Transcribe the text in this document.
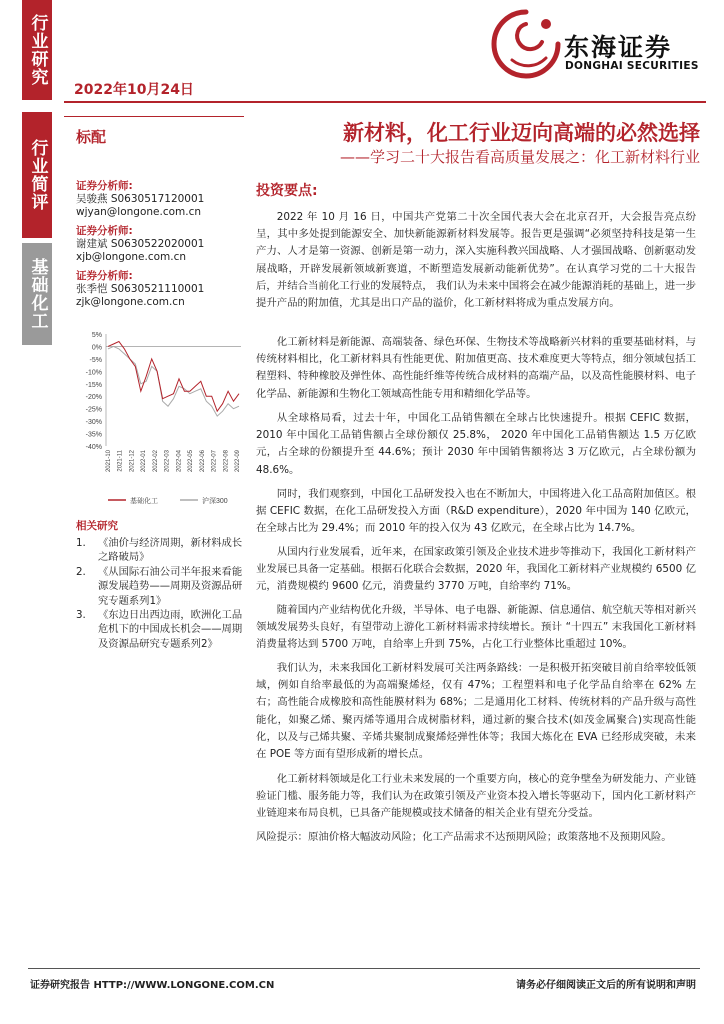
行业研究
行业简评
基础化工
东海证券
DONGHAI SECURITIES
2022年10月24日
标配	新材料，化工行业迈向高端的必然选择
——学习二十大报告看高质量发展之：化工新材料行业
证券分析师:
吴骏燕 S0630517120001
wjyan@longone.com.cn
证券分析师:
谢建斌 S0630522020001
xjb@longone.com.cn
证券分析师:
张季恺 S0630521110001
zjk@longone.com.cn
5%
0%
-5%
-10%
-15%
-20%
-25%
-30%
-35%
-40%
2021-10 2021-11 2021-12 2022-01 2022-02 2022-03 2022-04 2022-05 2022-06 2022-07 2022-08 2022-09
基础化工	沪深300
相关研究
1.	《油价与经济周期，新材料成长之路破局》
2.	《从国际石油公司半年报来看能源发展趋势——周期及资源品研究专题系列1》
3.	《东边日出西边雨，欧洲化工品危机下的中国成长机会——周期及资源品研究专题系列2》
投资要点:

2022 年 10 月 16 日，中国共产党第二十次全国代表大会在北京召开，大会报告亮点纷呈，其中多处提到能源安全、加快新能源新材料发展等。报告更是强调“必须坚持科技是第一生产力、人才是第一资源、创新是第一动力，深入实施科教兴国战略、人才强国战略、创新驱动发展战略，开辟发展新领域新赛道，不断塑造发展新动能新优势”。在认真学习党的二十大报告后，并结合当前化工行业的发展特点， 我们认为未来中国将会在减少能源消耗的基础上，进一步提升产品的附加值，尤其是出口产品的溢价，化工新材料将成为重点发展方向。

化工新材料是新能源、高端装备、绿色环保、生物技术等战略新兴材料的重要基础材料，与传统材料相比，化工新材料具有性能更优、附加值更高、技术难度更大等特点，细分领域包括工程塑料、特种橡胶及弹性体、高性能纤维等传统合成材料的高端产品，以及高性能膜材料、电子化学品、新能源和生物化工领域高性能专用和精细化学品等。

从全球格局看，过去十年，中国化工品销售额在全球占比快速提升。根据 CEFIC 数据，2010 年中国化工品销售额占全球份额仅 25.8%， 2020 年中国化工品销售额达 1.5 万亿欧元，占全球的份额提升至 44.6%；预计 2030 年中国销售额将达 3 万亿欧元，占全球份额为 48.6%。

同时，我们观察到，中国化工品研发投入也在不断加大，中国将进入化工品高附加值区。根据 CEFIC 数据，在化工品研发投入方面（R&D expenditure），2020 年中国为 140 亿欧元，在全球占比为 29.4%；而 2010 年的投入仅为 43 亿欧元，在全球占比为 14.7%。

从国内行业发展看，近年来，在国家政策引领及企业技术进步等推动下，我国化工新材料产业发展已具备一定基础。根据石化联合会数据，2020 年，我国化工新材料产业规模约 6500 亿元，消费规模约 9600 亿元，消费量约 3770 万吨，自给率约 71%。

随着国内产业结构优化升级，半导体、电子电器、新能源、信息通信、航空航天等相对新兴领域发展势头良好，有望带动上游化工新材料需求持续增长。预计 “十四五” 末我国化工新材料消费量将达到 5700 万吨，自给率上升到 75%，占化工行业整体比重超过 10%。

我们认为，未来我国化工新材料发展可关注两条路线：一是积极开拓突破目前自给率较低领域，例如自给率最低的为高端聚烯烃，仅有 47%；工程塑料和电子化学品自给率在 62% 左右；高性能合成橡胶和高性能膜材料为 68%；二是通用化工材料、传统材料的产品升级与高性能化，如聚乙烯、聚丙烯等通用合成树脂材料，通过新的聚合技术(如茂金属聚合)实现高性能化，以及与己烯共聚、辛烯共聚制成聚烯烃弹性体等；我国大炼化在 EVA 已经形成突破，未来在 POE 等方面有望形成新的增长点。

化工新材料领域是化工行业未来发展的一个重要方向，核心的竞争壁垒为研发能力、产业链验证门槛、服务能力等，我们认为在政策引领及产业资本投入增长等驱动下，国内化工新材料产业链迎来布局良机，已具备产能规模或技术储备的相关企业有望充分受益。

风险提示：原油价格大幅波动风险；化工产品需求不达预期风险；政策落地不及预期风险。

证券研究报告 HTTP://WWW.LONGONE.COM.CN	请务必仔细阅读正文后的所有说明和声明
